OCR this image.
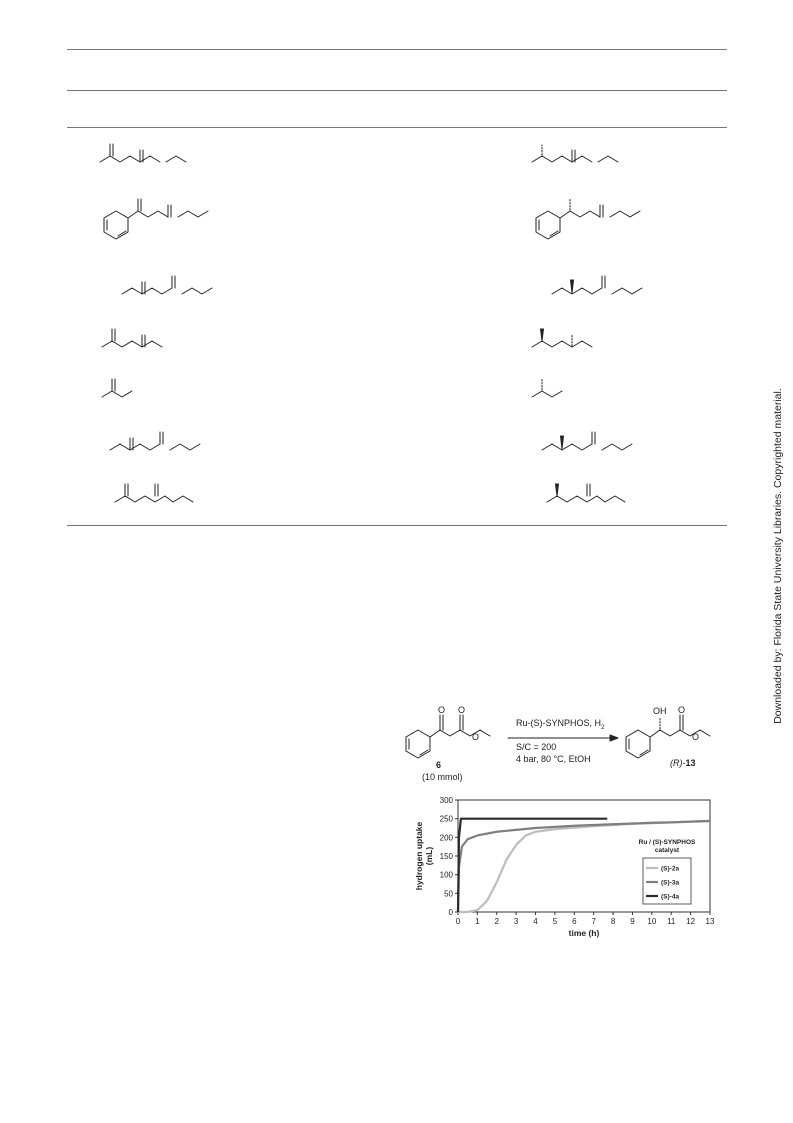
O O
O
6
(10 mmol)
Ru-(S)-SYNPHOS, $H_2$
S/C = 200
4 bar, 80 °C, EtOH
OH O
O
(R)-13
0
50
100
150
200
250
300
0 1 2 3 4 5 6 7 8 9 10 11 12 13
time (h)
hydrogen uptake(mL)
Ru / (S)-SYNPHOS
catalyst
(S)-2a
(S)-3a
(S)-4a
Downloaded by: Florida State University Libraries. Copyrighted material.
